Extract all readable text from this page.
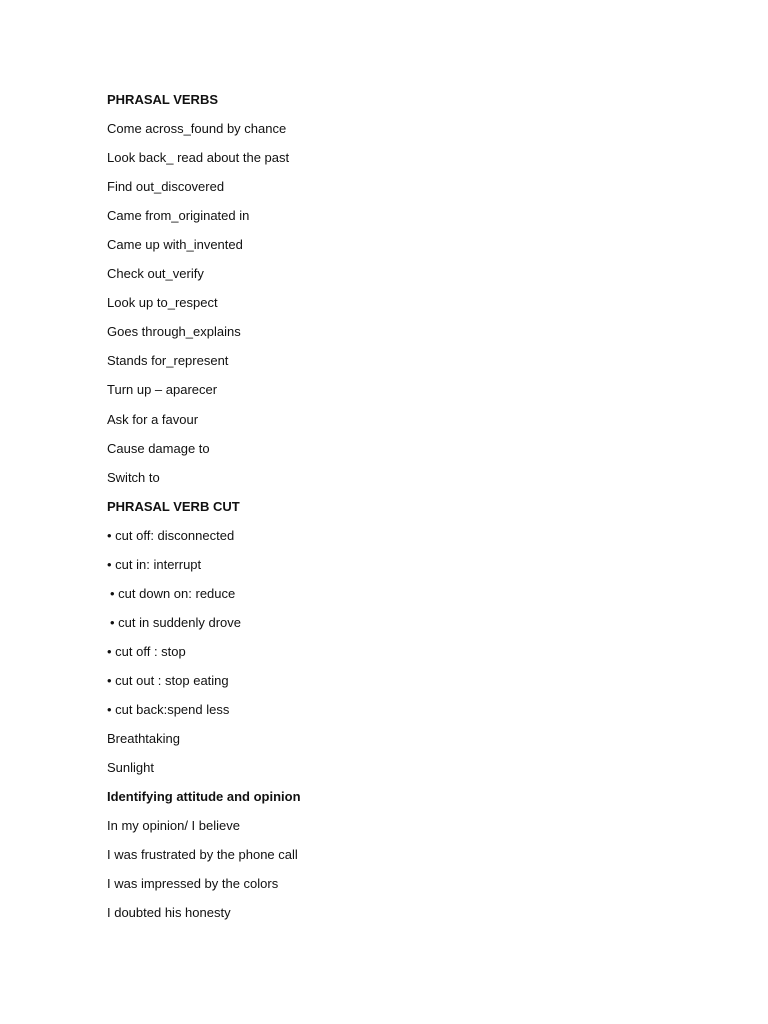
PHRASAL VERBS
Come across_found by chance
Look back_ read about the past
Find out_discovered
Came from_originated in
Came up with_invented
Check out_verify
Look up to_respect
Goes through_explains
Stands for_represent
Turn up – aparecer
Ask for a favour
Cause damage to
Switch to
PHRASAL VERB CUT
• cut off: disconnected
• cut in: interrupt
• cut down on: reduce
• cut in suddenly drove
• cut off : stop
• cut out : stop eating
• cut back:spend less
Breathtaking
Sunlight
Identifying attitude and opinion
In my opinion/ I believe
I was frustrated by the phone call
I was impressed by the colors
I doubted his honesty
